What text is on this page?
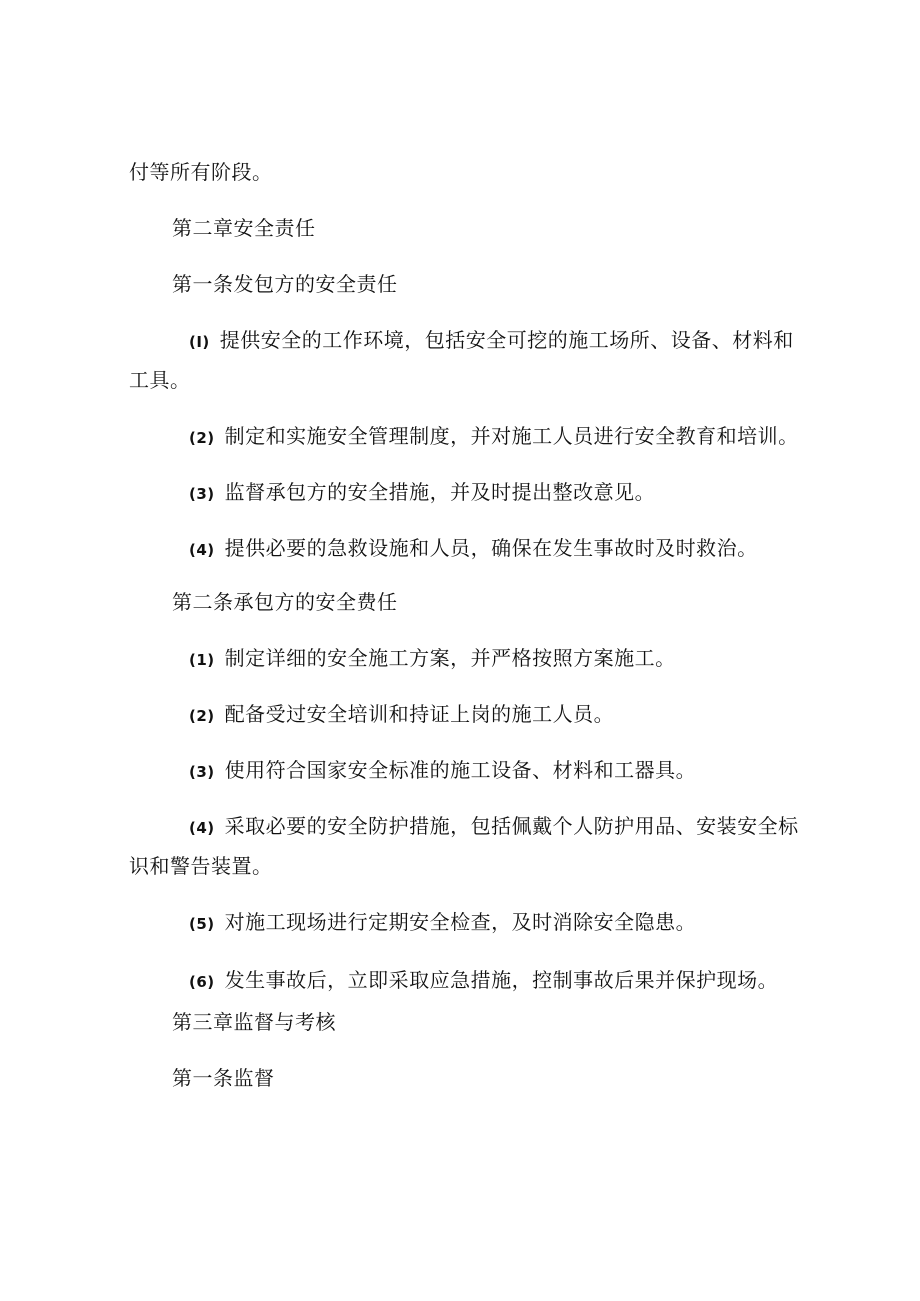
付等所有阶段。
第二章安全责任
第一条发包方的安全责任
(I) 提供安全的工作环境，包括安全可挖的施工场所、设备、材料和
工具。
(2) 制定和实施安全管理制度，并对施工人员进行安全教育和培训。
(3) 监督承包方的安全措施，并及时提出整改意见。
(4) 提供必要的急救设施和人员，确保在发生事故时及时救治。
第二条承包方的安全费任
(1) 制定详细的安全施工方案，并严格按照方案施工。
(2) 配备受过安全培训和持证上岗的施工人员。
(3) 使用符合国家安全标准的施工设备、材料和工器具。
(4) 采取必要的安全防护措施，包括佩戴个人防护用品、安装安全标
识和警告装置。
(5) 对施工现场进行定期安全检查，及时消除安全隐患。
(6) 发生事故后，立即采取应急措施，控制事故后果并保护现场。
第三章监督与考核
第一条监督
